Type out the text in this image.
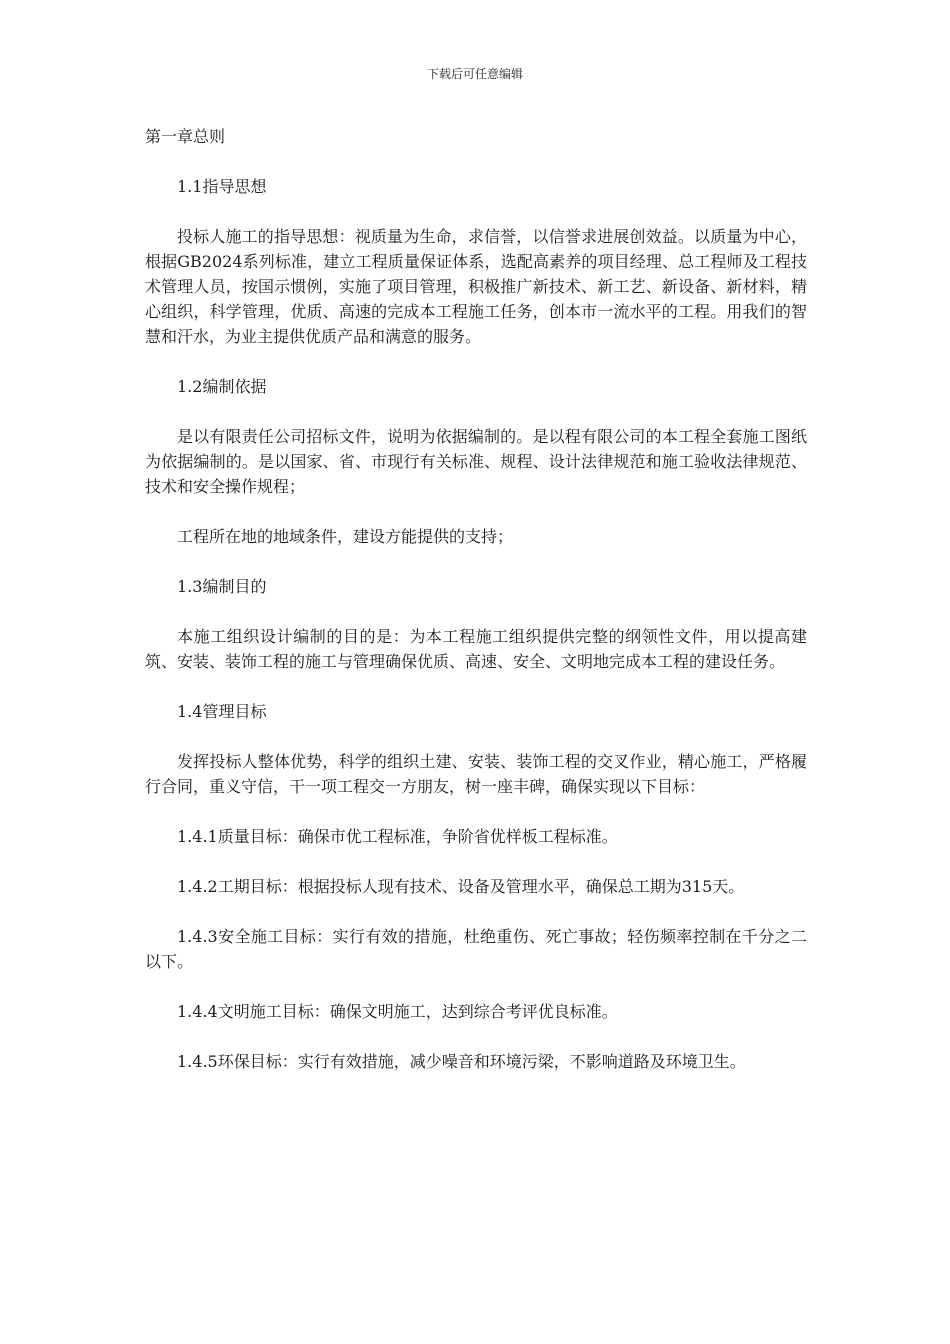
下载后可任意编辑

第一章总则

1.1指导思想

投标人施工的指导思想：视质量为生命，求信誉，以信誉求进展创效益。以质量为中心，根据GB2024系列标准，建立工程质量保证体系，选配高素养的项目经理、总工程师及工程技术管理人员，按国示惯例，实施了项目管理，积极推广新技术、新工艺、新设备、新材料，精心组织，科学管理，优质、高速的完成本工程施工任务，创本市一流水平的工程。用我们的智慧和汗水，为业主提供优质产品和满意的服务。

1.2编制依据

是以有限责任公司招标文件，说明为依据编制的。是以程有限公司的本工程全套施工图纸为依据编制的。是以国家、省、市现行有关标准、规程、设计法律规范和施工验收法律规范、技术和安全操作规程；

工程所在地的地域条件，建设方能提供的支持；

1.3编制目的

本施工组织设计编制的目的是：为本工程施工组织提供完整的纲领性文件，用以提高建筑、安装、装饰工程的施工与管理确保优质、高速、安全、文明地完成本工程的建设任务。

1.4管理目标

发挥投标人整体优势，科学的组织土建、安装、装饰工程的交叉作业，精心施工，严格履行合同，重义守信，干一项工程交一方朋友，树一座丰碑，确保实现以下目标：

1.4.1质量目标：确保市优工程标准，争阶省优样板工程标准。

1.4.2工期目标：根据投标人现有技术、设备及管理水平，确保总工期为315天。

1.4.3安全施工目标：实行有效的措施，杜绝重伤、死亡事故；轻伤频率控制在千分之二以下。

1.4.4文明施工目标：确保文明施工，达到综合考评优良标准。

1.4.5环保目标：实行有效措施，减少噪音和环境污梁，不影响道路及环境卫生。
